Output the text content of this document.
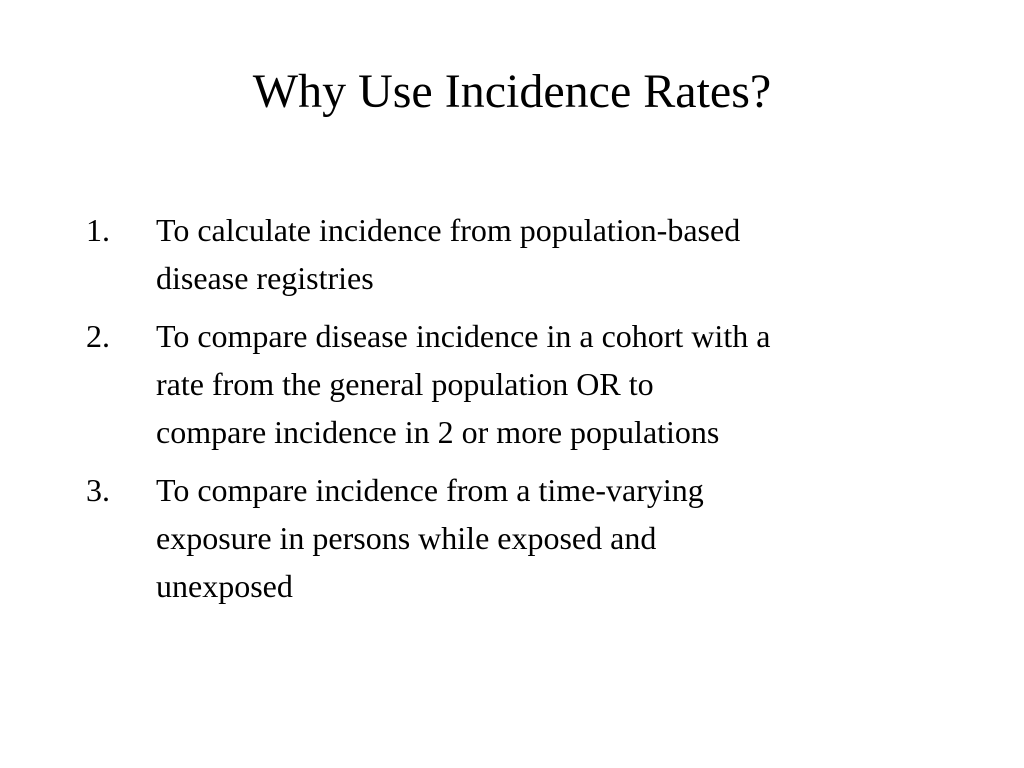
Why Use Incidence Rates?
1.	To calculate incidence from population-based
disease registries
2.	To compare disease incidence in a cohort with a
rate from the general population OR to
compare incidence in 2 or more populations
3.	To compare incidence from a time-varying
exposure in persons while exposed and
unexposed
